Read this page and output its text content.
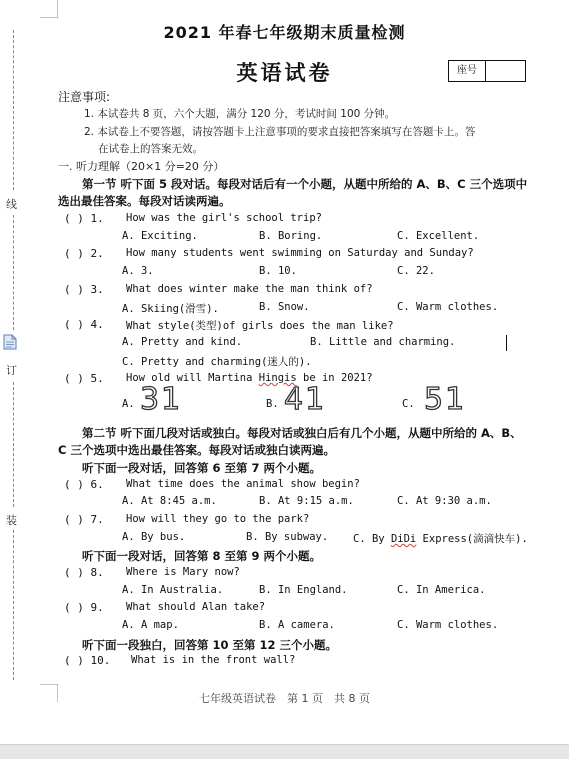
线
订
装
2021 年春七年级期末质量检测
英语试卷	座号
注意事项:
1. 本试卷共 8 页，六个大题，满分 120 分，考试时间 100 分钟。
2. 本试卷上不要答题，请按答题卡上注意事项的要求直接把答案填写在答题卡上。答
在试卷上的答案无效。
一. 听力理解（20×1 分=20 分）
第一节 听下面 5 段对话。每段对话后有一个小题，从题中所给的 A、B、C 三个选项中
选出最佳答案。每段对话读两遍。
( ) 1. How was the girl's school trip?
A. Exciting.	B. Boring.	C. Excellent.
( ) 2. How many students went swimming on Saturday and Sunday?
A. 3.	B. 10.	C. 22.
( ) 3. What does winter make the man think of?
A. Skiing(滑雪).	B. Snow.	C. Warm clothes.
( ) 4. What style(类型)of girls does the man like?
A. Pretty and kind.	B. Little and charming.
C. Pretty and charming(迷人的).
( ) 5. How old will Martina Hingis be in 2021?
A. 31	B. 41	C. 51
第二节 听下面几段对话或独白。每段对话或独白后有几个小题，从题中所给的 A、B、
C 三个选项中选出最佳答案。每段对话或独白读两遍。
听下面一段对话，回答第 6 至第 7 两个小题。
( ) 6. What time does the animal show begin?
A. At 8:45 a.m.	B. At 9:15 a.m.	C. At 9:30 a.m.
( ) 7. How will they go to the park?
A. By bus.	B. By subway. C. By DiDi Express(滴滴快车).
听下面一段对话，回答第 8 至第 9 两个小题。
( ) 8. Where is Mary now?
A. In Australia.	B. In England.	C. In America.
( ) 9. What should Alan take?
A. A map.	B. A camera.	C. Warm clothes.
听下面一段独白，回答第 10 至第 12 三个小题。
( ) 10. What is in the front wall?
七年级英语试卷　第 1 页　共 8 页
